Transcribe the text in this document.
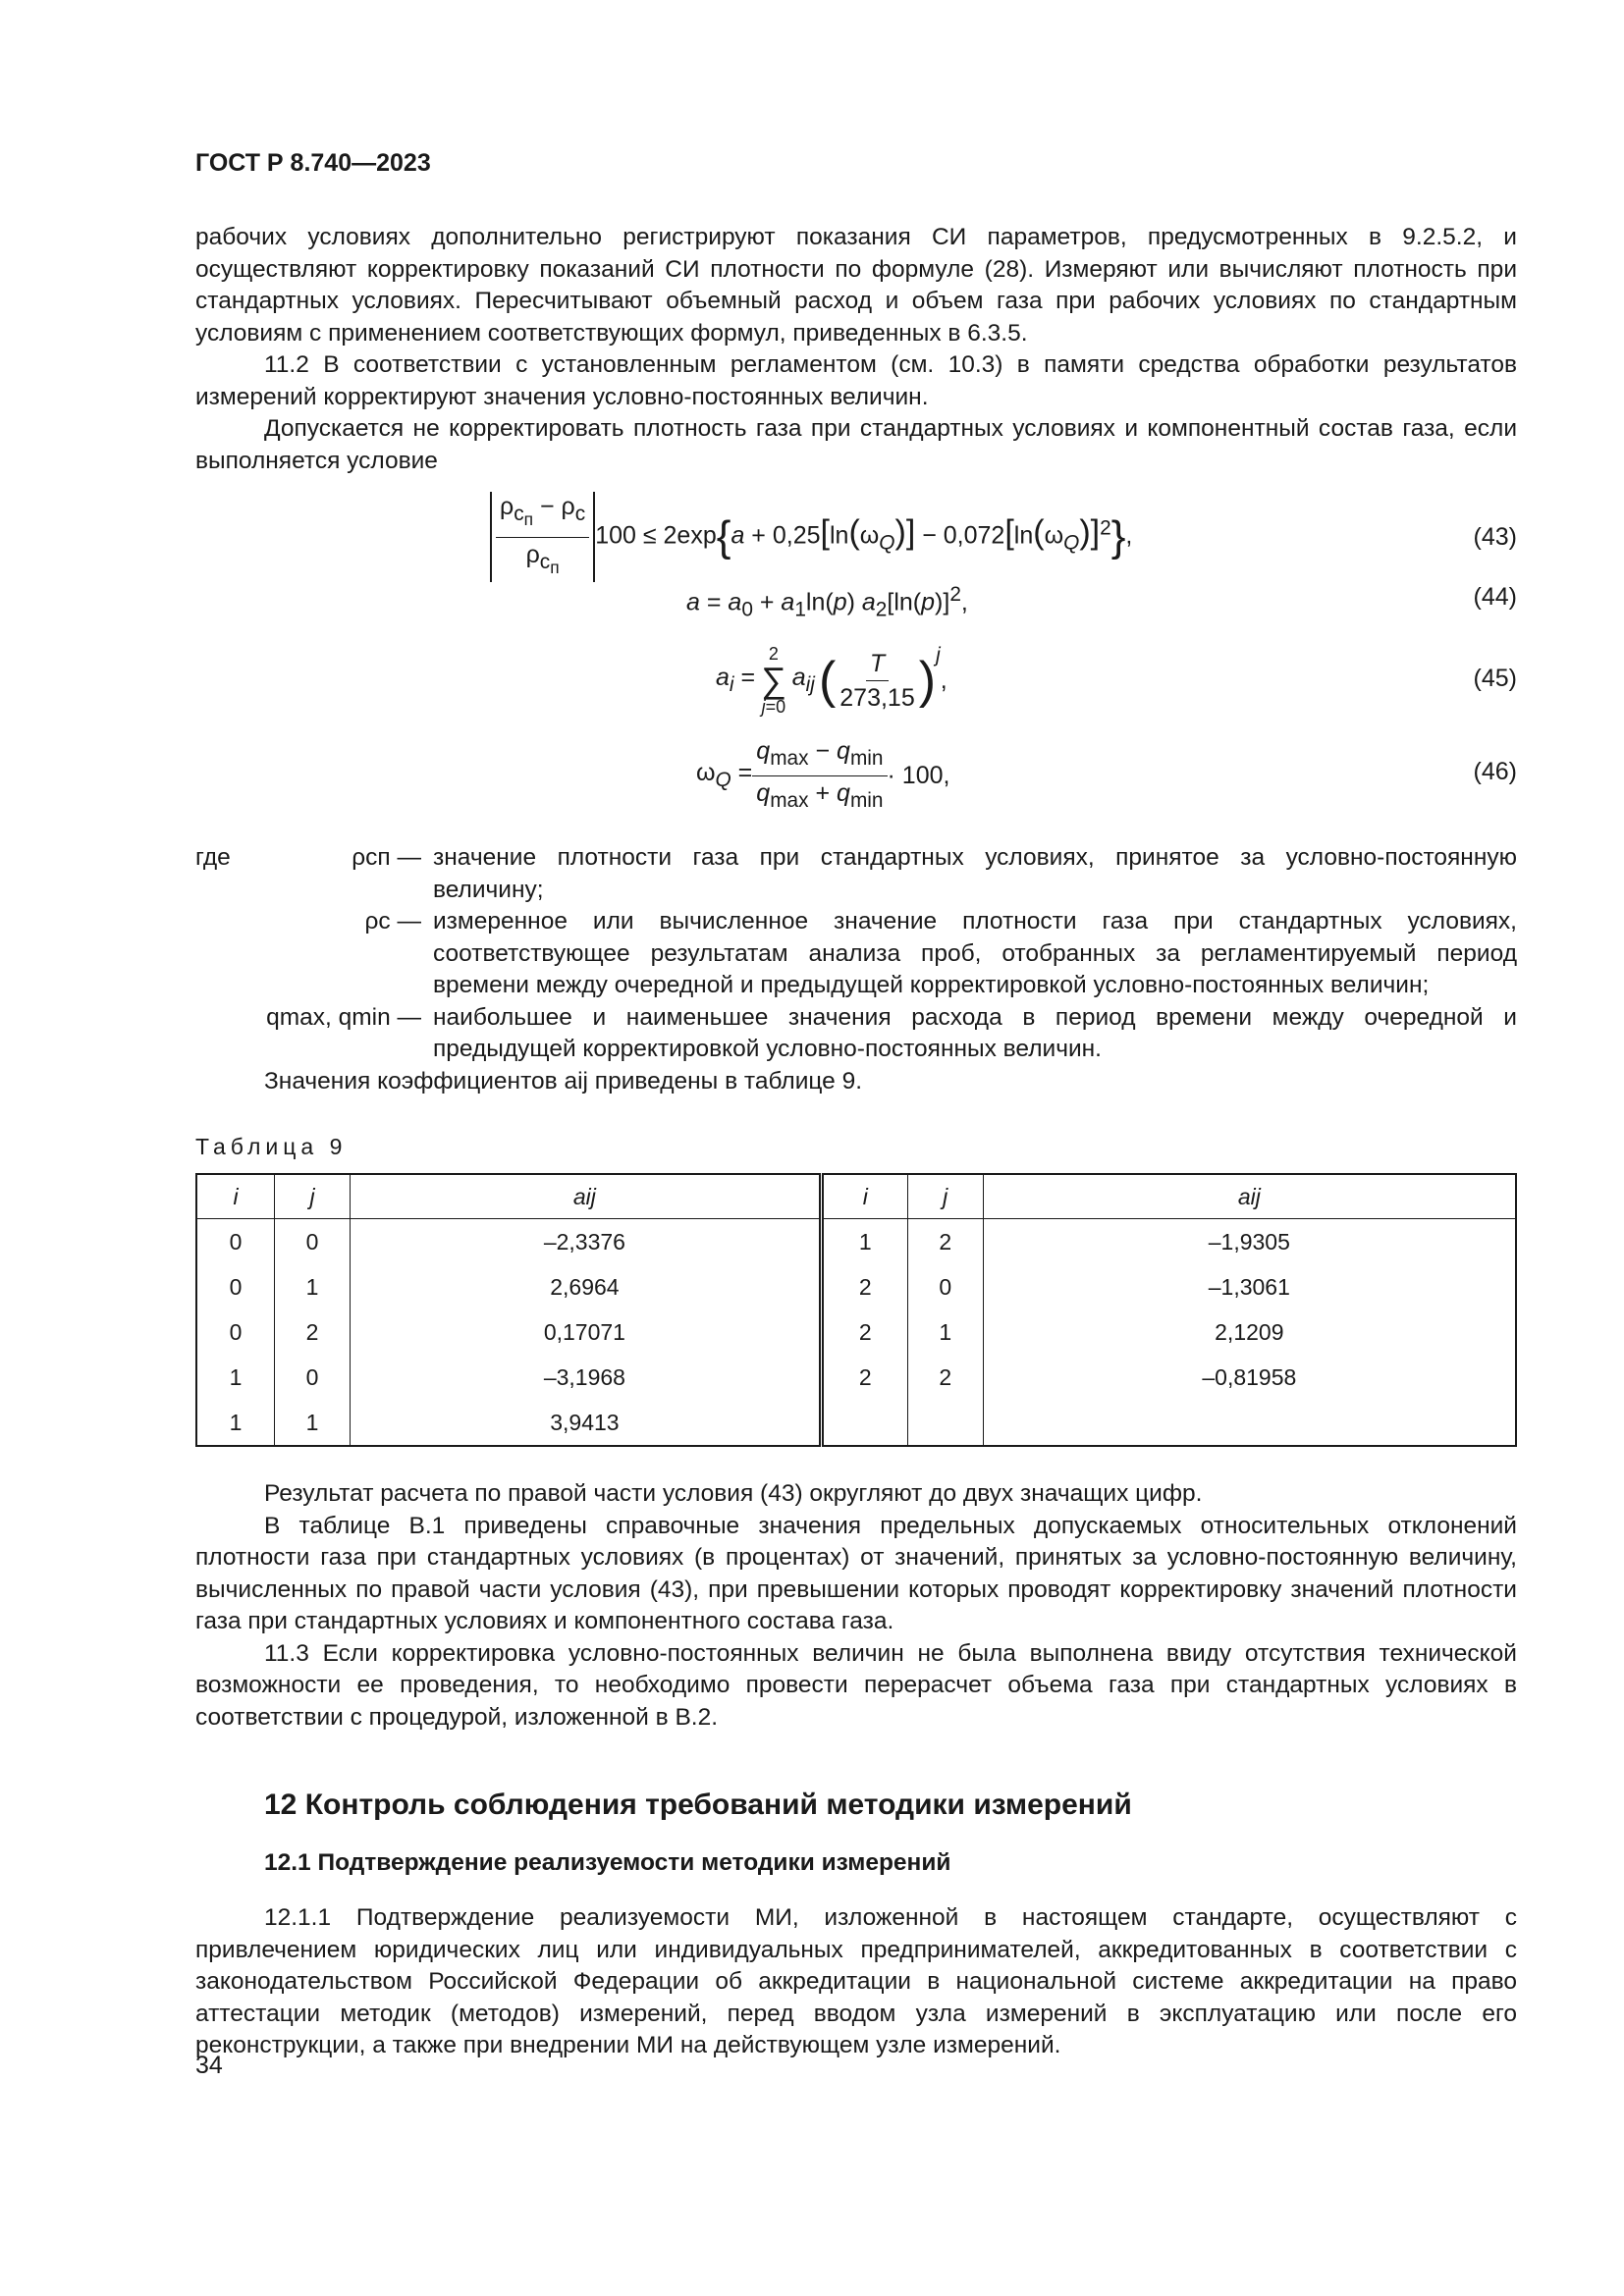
ГОСТ Р 8.740—2023

рабочих условиях дополнительно регистрируют показания СИ параметров, предусмотренных в 9.2.5.2, и осуществляют корректировку показаний СИ плотности по формуле (28). Измеряют или вычисляют плотность при стандартных условиях. Пересчитывают объемный расход и объем газа при рабочих условиях по стандартным условиям с применением соответствующих формул, приведенных в 6.3.5.

11.2 В соответствии с установленным регламентом (см. 10.3) в памяти средства обработки результатов измерений корректируют значения условно-постоянных величин.

Допускается не корректировать плотность газа при стандартных условиях и компонентный состав газа, если выполняется условие

$\frac{\rho_{c_п} - \rho_c}{\rho_{c_п}} 100 \le 2\exp\{a + 0,25[\ln(\omega_Q)] - 0,072[\ln(\omega_Q)]^2\}$,	(43)
$a = a_0 + a_1\ln(p)$ $a_2[\ln(p)]^2$,	(44)
$a_i$ =
2
∑
j=0
$a_{ij}$ ( $\frac{T}{273,15}$ ) $^j$
,	(45)
$\omega_Q = \frac{q_{max} - q_{min}}{q_{max} + q_{min}} \cdot 100$,	(46)
где	ρсп — значение плотности газа при стандартных условиях, принятое за условно-постоянную величину;
ρс — измеренное или вычисленное значение плотности газа при стандартных условиях, соответствующее результатам анализа проб, отобранных за регламентируемый период времени между очередной и предыдущей корректировкой условно-постоянных величин;
qmax, qmin — наибольшее и наименьшее значения расхода в период времени между очередной и предыдущей корректировкой условно-постоянных величин.
Значения коэффициентов aij приведены в таблице 9.
Таблица 9
i	j	aij	i	j	aij
0	0	–2,3376	1	2	–1,9305
0	1	2,6964	2	0	–1,3061
0	2	0,17071	2	1	2,1209
1	0	–3,1968	2	2	–0,81958
1	1	3,9413			

Результат расчета по правой части условия (43) округляют до двух значащих цифр.

В таблице В.1 приведены справочные значения предельных допускаемых относительных отклонений плотности газа при стандартных условиях (в процентах) от значений, принятых за условно-постоянную величину, вычисленных по правой части условия (43), при превышении которых проводят корректировку значений плотности газа при стандартных условиях и компонентного состава газа.

11.3 Если корректировка условно-постоянных величин не была выполнена ввиду отсутствия технической возможности ее проведения, то необходимо провести перерасчет объема газа при стандартных условиях в соответствии с процедурой, изложенной в В.2.

12 Контроль соблюдения требований методики измерений
12.1 Подтверждение реализуемости методики измерений

12.1.1 Подтверждение реализуемости МИ, изложенной в настоящем стандарте, осуществляют с привлечением юридических лиц или индивидуальных предпринимателей, аккредитованных в соответствии с законодательством Российской Федерации об аккредитации в национальной системе аккредитации на право аттестации методик (методов) измерений, перед вводом узла измерений в эксплуатацию или после его реконструкции, а также при внедрении МИ на действующем узле измерений.

34
